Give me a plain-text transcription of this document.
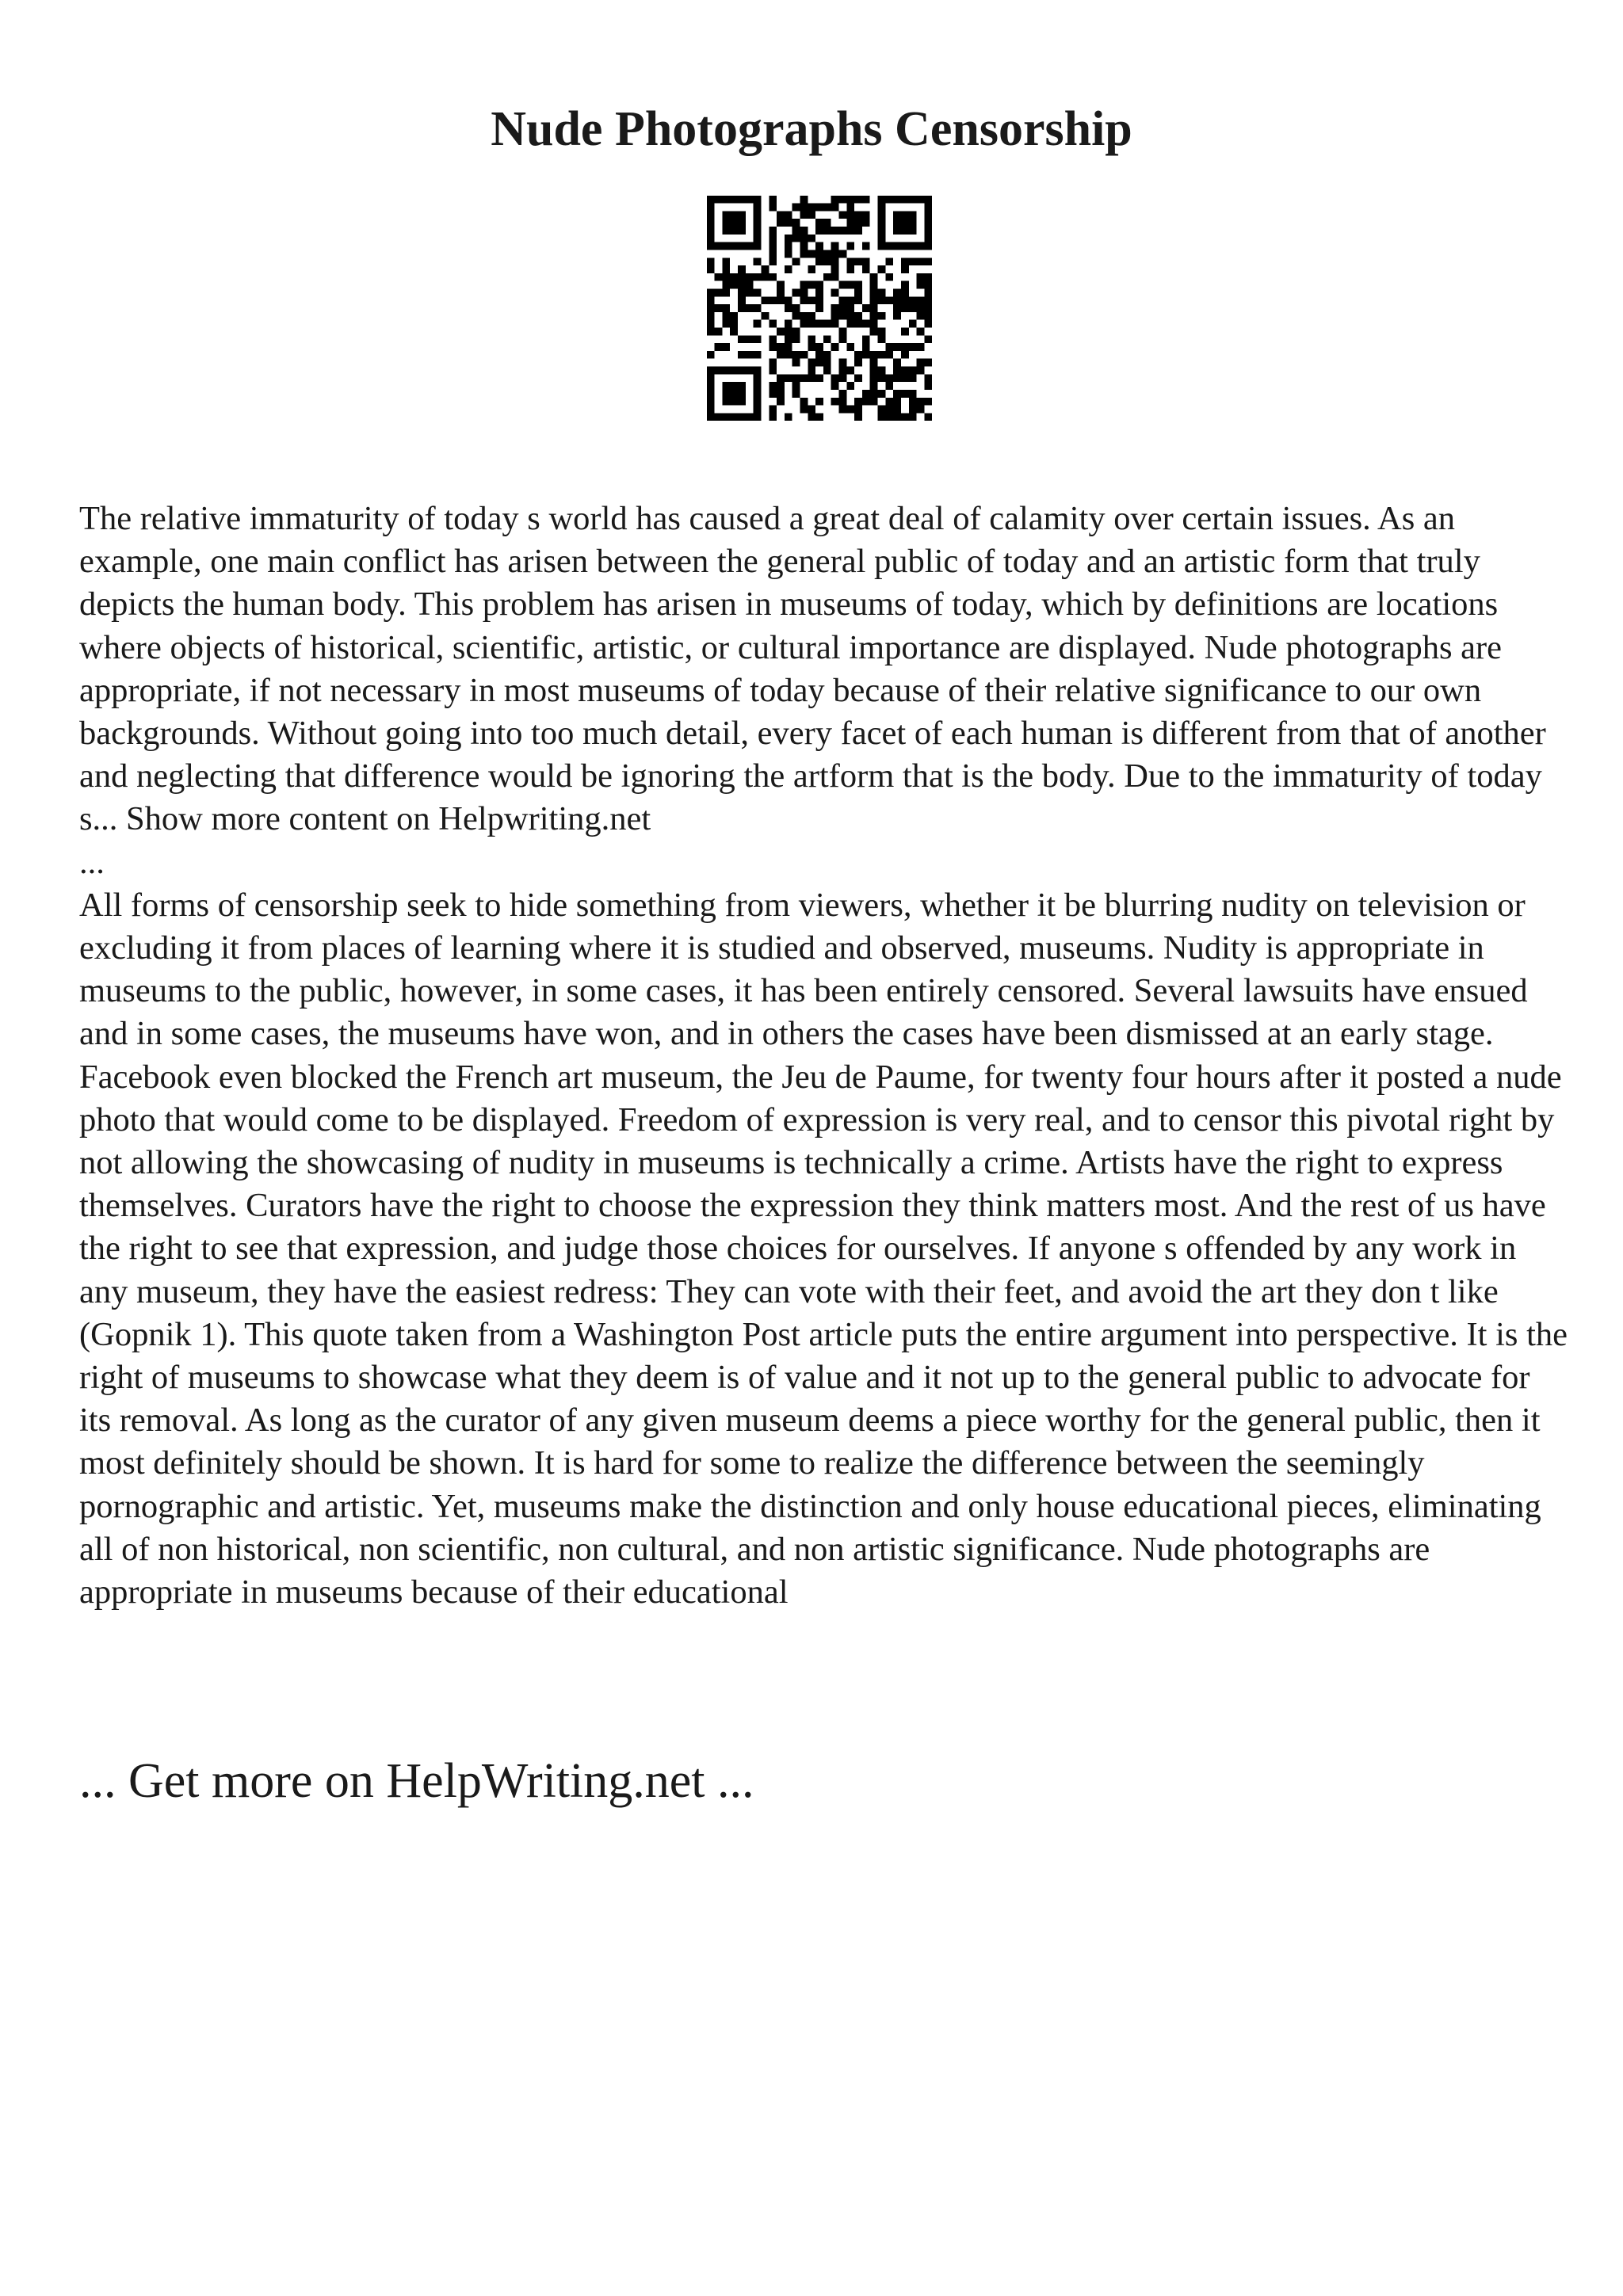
Nude Photographs Censorship

The relative immaturity of today s world has caused a great deal of calamity over certain issues. As an example, one main conflict has arisen between the general public of today and an artistic form that truly depicts the human body. This problem has arisen in museums of today, which by definitions are locations where objects of historical, scientific, artistic, or cultural importance are displayed. Nude photographs are appropriate, if not necessary in most museums of today because of their relative significance to our own backgrounds. Without going into too much detail, every facet of each human is different from that of another and neglecting that difference would be ignoring the artform that is the body. Due to the immaturity of today s... Show more content on Helpwriting.net

...

All forms of censorship seek to hide something from viewers, whether it be blurring nudity on television or excluding it from places of learning where it is studied and observed, museums. Nudity is appropriate in museums to the public, however, in some cases, it has been entirely censored. Several lawsuits have ensued and in some cases, the museums have won, and in others the cases have been dismissed at an early stage. Facebook even blocked the French art museum, the Jeu de Paume, for twenty four hours after it posted a nude photo that would come to be displayed. Freedom of expression is very real, and to censor this pivotal right by not allowing the showcasing of nudity in museums is technically a crime. Artists have the right to express themselves. Curators have the right to choose the expression they think matters most. And the rest of us have the right to see that expression, and judge those choices for ourselves. If anyone s offended by any work in any museum, they have the easiest redress: They can vote with their feet, and avoid the art they don t like (Gopnik 1). This quote taken from a Washington Post article puts the entire argument into perspective. It is the right of museums to showcase what they deem is of value and it not up to the general public to advocate for its removal. As long as the curator of any given museum deems a piece worthy for the general public, then it most definitely should be shown. It is hard for some to realize the difference between the seemingly pornographic and artistic. Yet, museums make the distinction and only house educational pieces, eliminating all of non historical, non scientific, non cultural, and non artistic significance. Nude photographs are appropriate in museums because of their educational

... Get more on HelpWriting.net ...
